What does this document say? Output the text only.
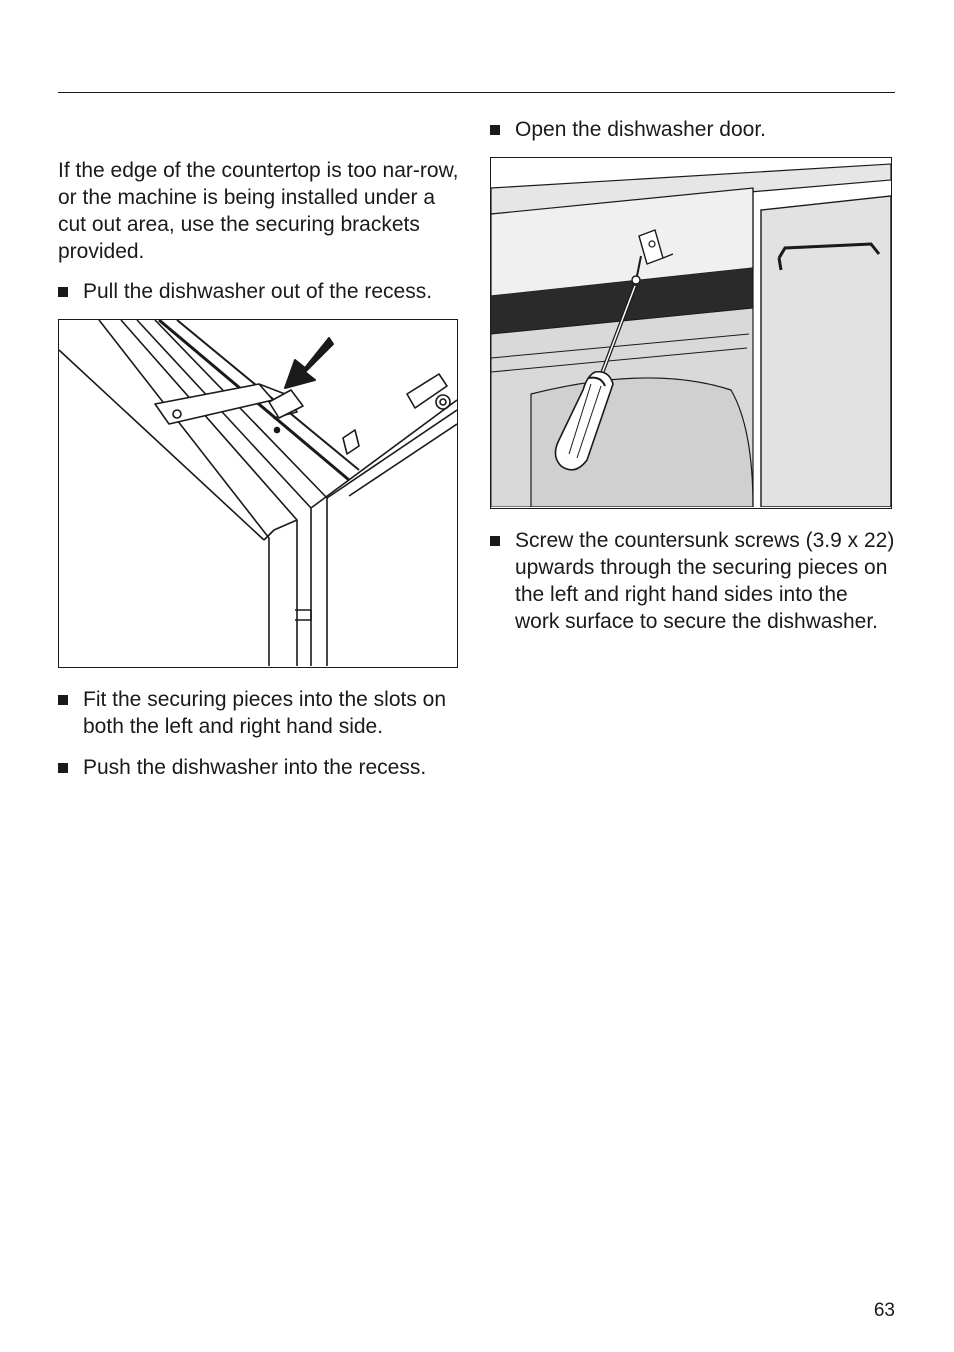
If the edge of the countertop is too nar-row, or the machine is being installed under a cut out area, use the securing brackets provided.

Pull the dishwasher out of the recess.
Fit the securing pieces into the slots on both the left and right hand side.
Push the dishwasher into the recess.
Open the dishwasher door.
Screw the countersunk screws (3.9 x 22) upwards through the securing pieces on the left and right hand sides into the work surface to secure the dishwasher.
63
